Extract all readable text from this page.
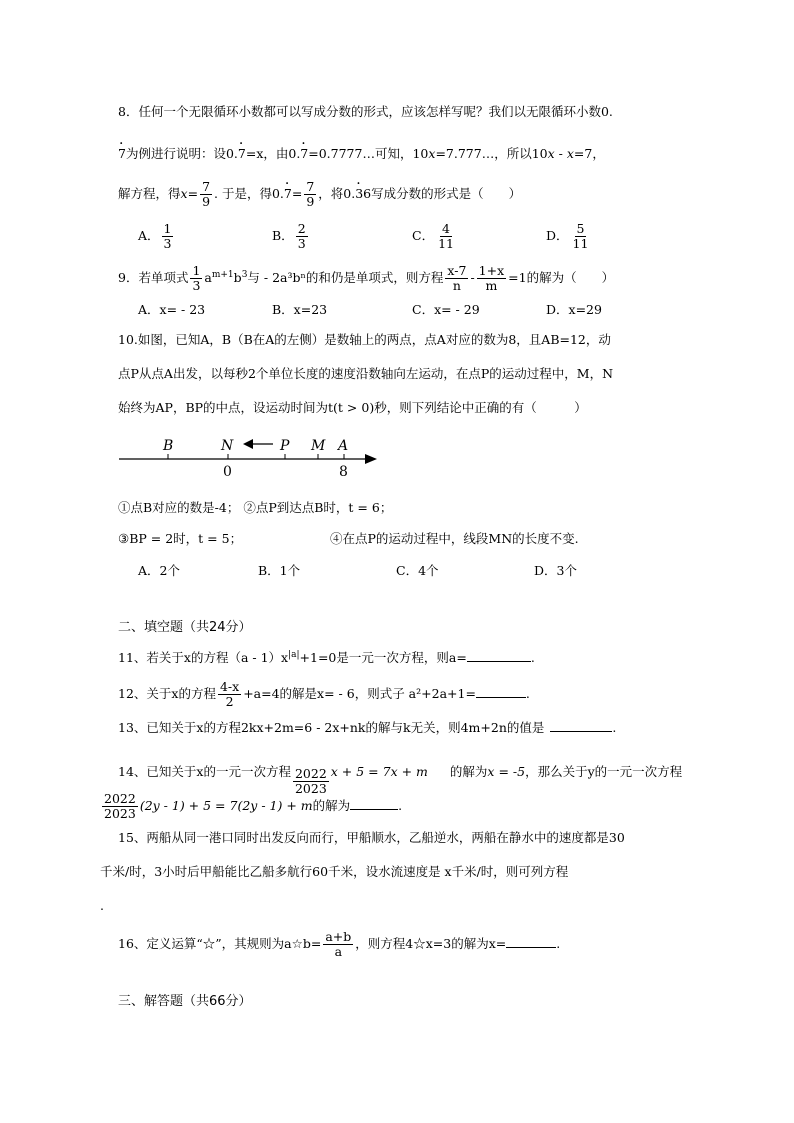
8．任何一个无限循环小数都可以写成分数的形式，应该怎样写呢？我们以无限循环小数0.
· 7为例进行说明：设0.· 7=x，由0.· 7=0.7777…可知，10x=7.777…，所以10x - x=7，
解方程，得$x= \frac{7}{9}$ . 于是，得$0.\cdot 7= \frac{7}{9}$ ，将0.· 36写成分数的形式是（　　）
A． $\frac{1}{3}$	B． $\frac{2}{3}$	C． $\frac{4}{11}$	D． $\frac{5}{11}$
9．若单项式 $\frac{1}{3} a^{m+1}b^3$与 - 2a³bⁿ的和仍是单项式，则方程 $\frac{x-7}{n} - \frac{1+x}{m} =1$的解为（　　）
A．x= - 23	B．x=23	C．x= - 29	D．x=29
10.如图，已知A，B（B在A的左侧）是数轴上的两点，点A对应的数为8，且AB=12，动
点P从点A出发，以每秒2个单位长度的速度沿数轴向左运动，在点P的运动过程中，M，N
始终为AP，BP的中点，设运动时间为t(t > 0)秒，则下列结论中正确的有（　　　）
B	N	P M A
0	8
①点B对应的数是-4； ②点P到达点B时，t = 6；
③BP = 2时，t = 5；	④在点P的运动过程中，线段MN的长度不变.
A．2个	B．1个	C．4个	D．3个
二、填空题（共24分）
11、若关于x的方程$(a - 1)x^{|a|}+1=0$是一元一次方程，则a=	.
12、关于x的方程 $\frac{4-x}{2} +a=4$的解是x= - 6，则式子 a²+2a+1=	.
13、已知关于x的方程2kx+2m=6 - 2x+nk的解与k无关，则4m+2n的值是	.
14、已知关于x的一元一次方程 $\frac{2022}{2023}$ x + 5 = 7x + m 的解为x = -5，那么关于y的一元一次方程
$\frac{2022}{2023} (2y - 1) + 5 = 7(2y - 1) + m$的解为	.
15、两船从同一港口同时出发反向而行，甲船顺水，乙船逆水，两船在静水中的速度都是30
千米/时，3小时后甲船能比乙船多航行60千米，设水流速度是 x千米/时，则可列方程
.
16、定义运算“☆”，其规则为a☆b= $\frac{a+b}{a}$ ，则方程4☆x=3的解为x=	.
三、解答题（共66分）
